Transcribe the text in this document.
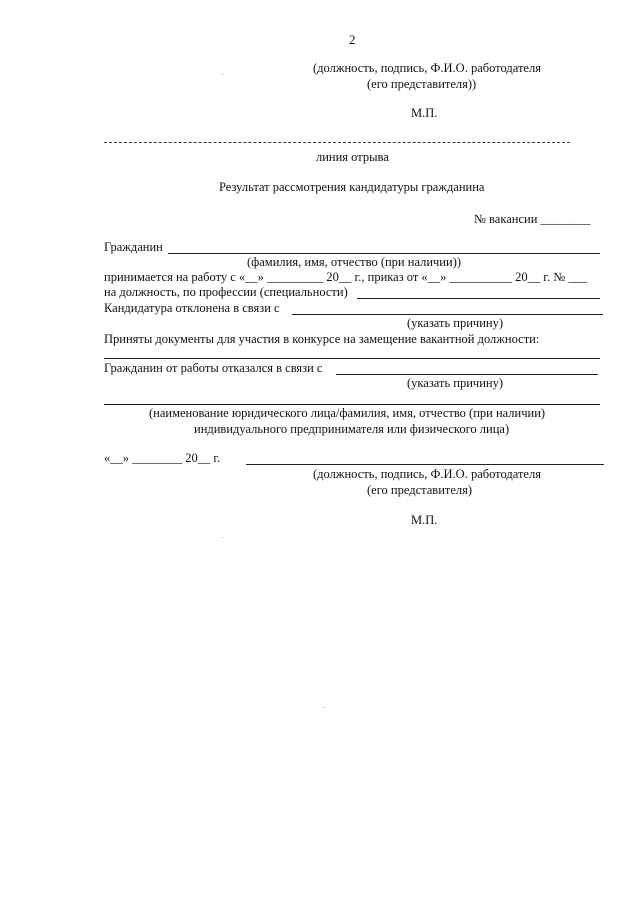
2
(должность, подпись, Ф.И.О. работодателя
(его представителя))
М.П.
линия отрыва
Результат рассмотрения кандидатуры гражданина
№ вакансии ________
Гражданин
(фамилия, имя, отчество (при наличии))
принимается на работу с «__» _________ 20__ г., приказ от «__» __________ 20__ г. № ___
на должность, по профессии (специальности)
Кандидатура отклонена в связи с
(указать причину)
Приняты документы для участия в конкурсе на замещение вакантной должности:
Гражданин от работы отказался в связи с
(указать причину)
(наименование юридического лица/фамилия, имя, отчество (при наличии)
индивидуального предпринимателя или физического лица)
«__» ________ 20__ г.
(должность, подпись, Ф.И.О. работодателя
(его представителя)
М.П.
